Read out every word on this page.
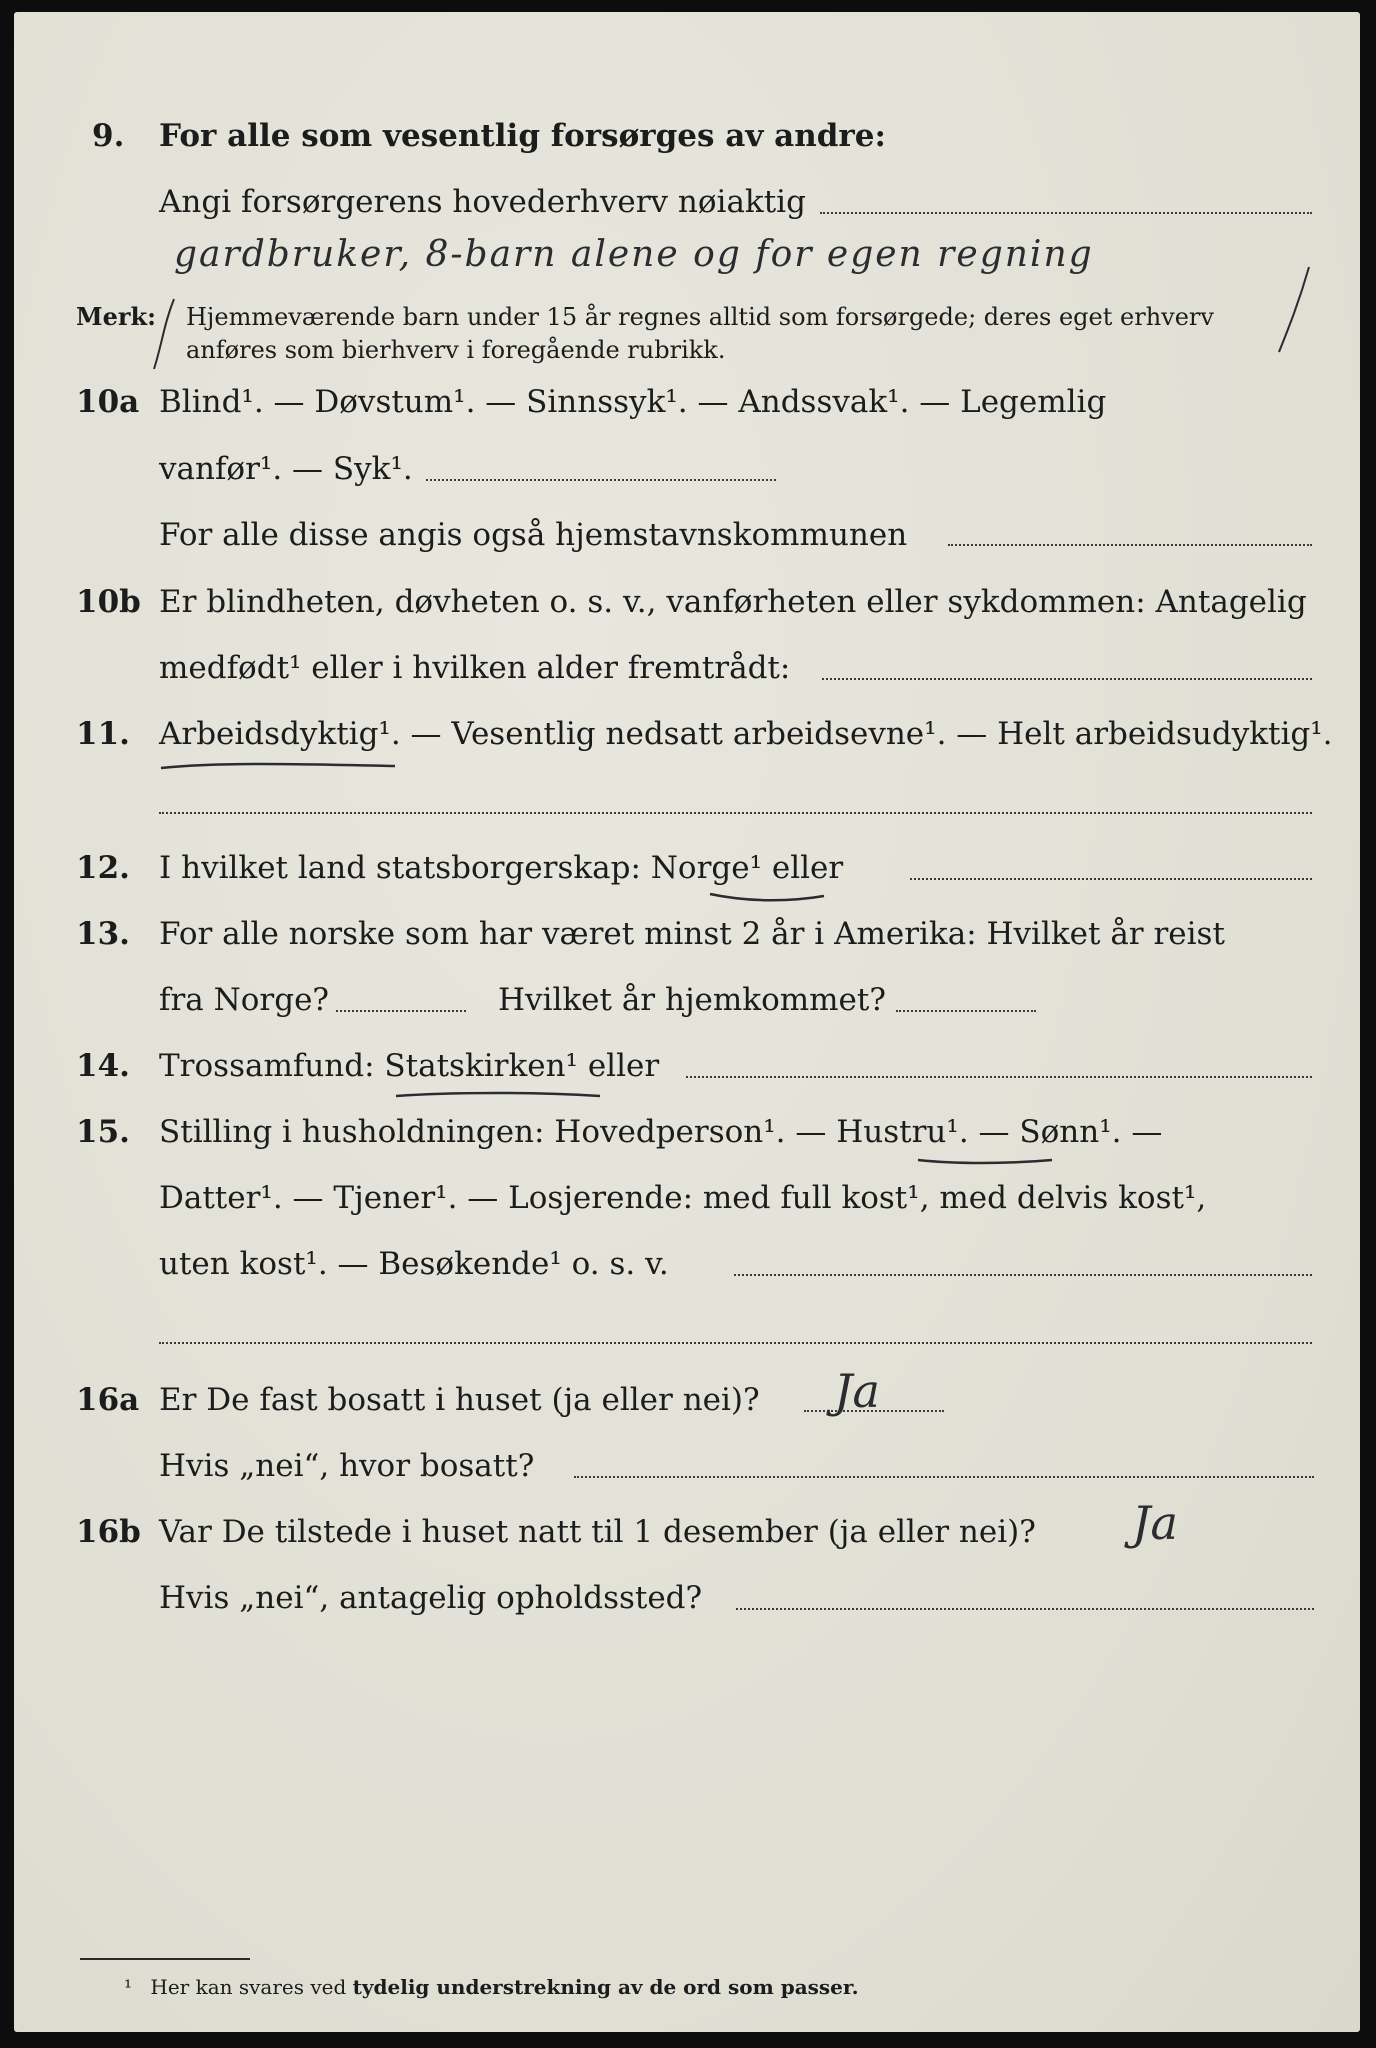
9. For alle som vesentlig forsørges av andre:
Angi forsørgerens hovederhverv nøiaktig
gardbruker, 8-barn alene og for egen regning
Merk: Hjemmeværende barn under 15 år regnes alltid som forsørgede; deres eget erhverv
anføres som bierhverv i foregående rubrikk.
10a Blind¹. — Døvstum¹. — Sinnssyk¹. — Andssvak¹. — Legemlig
vanfør¹. — Syk¹.
For alle disse angis også hjemstavnskommunen
10b Er blindheten, døvheten o. s. v., vanførheten eller sykdommen: Antagelig
medfødt¹ eller i hvilken alder fremtrådt:
11. Arbeidsdyktig¹. — Vesentlig nedsatt arbeidsevne¹. — Helt arbeidsudyktig¹.
12. I hvilket land statsborgerskap: Norge¹ eller
13. For alle norske som har været minst 2 år i Amerika: Hvilket år reist
fra Norge?	Hvilket år hjemkommet?
14. Trossamfund: Statskirken¹ eller
15. Stilling i husholdningen: Hovedperson¹. — Hustru¹. — Sønn¹. —
Datter¹. — Tjener¹. — Losjerende: med full kost¹, med delvis kost¹,
uten kost¹. — Besøkende¹ o. s. v.
16a Er De fast bosatt i huset (ja eller nei)? Ja
Hvis „nei“, hvor bosatt?
16b Var De tilstede i huset natt til 1 desember (ja eller nei)? Ja
Hvis „nei“, antagelig opholdssted?
¹ Her kan svares ved tydelig understrekning av de ord som passer.
